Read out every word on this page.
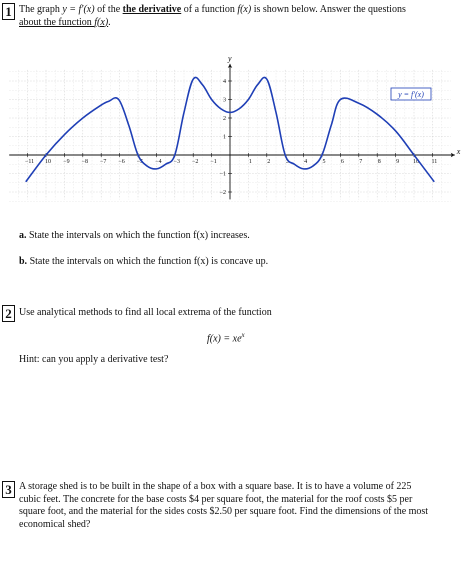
1 The graph y = f′(x) of the the derivative of a function f(x) is shown below. Answer the questions
about the function f(x).
−11 10 −9 −8 −7 −6 −5 −4 −3 −2 −1	1	2	3	4	5	6	7	8	9 10 11
−2
−1
1
2
3
4
x
y
y = f′(x)
a. State the intervals on which the function f(x) increases.
b. State the intervals on which the function f(x) is concave up.
2 Use analytical methods to find all local extrema of the function
$f(x) = xe^x$
Hint: can you apply a derivative test?
3 A storage shed is to be built in the shape of a box with a square base. It is to have a volume of 225
cubic feet. The concrete for the base costs $4 per square foot, the material for the roof costs $5 per
square foot, and the material for the sides costs $2.50 per square foot. Find the dimensions of the most
economical shed?
